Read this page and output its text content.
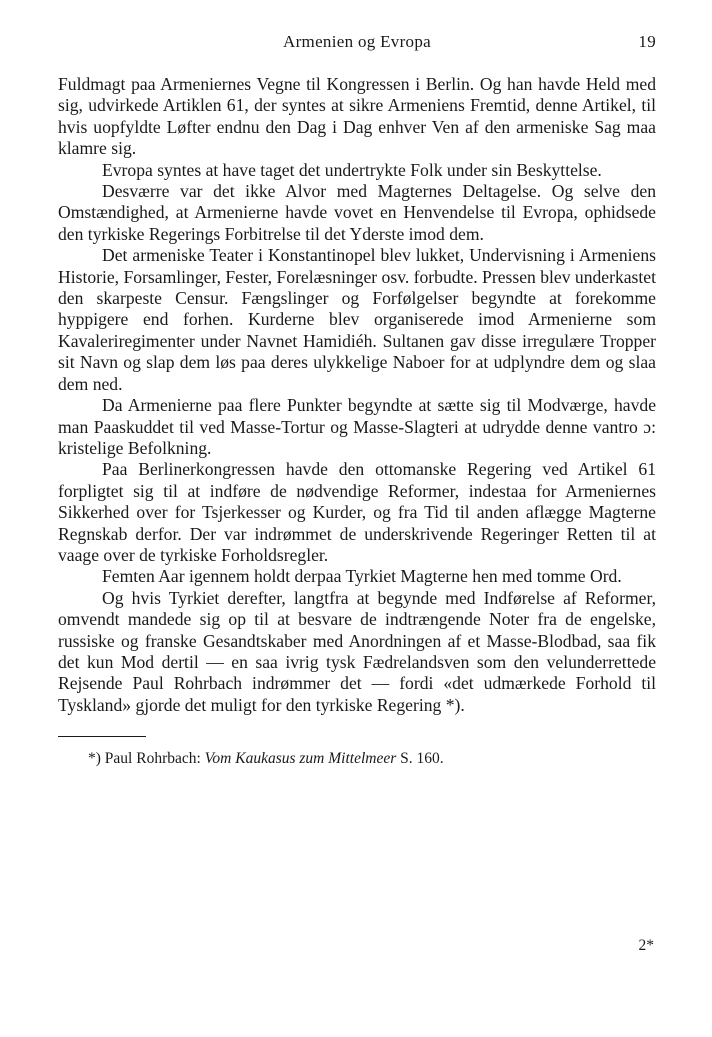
Armenien og Evropa	19

Fuldmagt paa Armeniernes Vegne til Kongressen i Berlin. Og han havde Held med sig, udvirkede Artiklen 61, der syntes at sikre Armeniens Fremtid, denne Artikel, til hvis uopfyldte Løfter endnu den Dag i Dag enhver Ven af den armeniske Sag maa klamre sig.

Evropa syntes at have taget det undertrykte Folk under sin Beskyttelse.

Desværre var det ikke Alvor med Magternes Deltagelse. Og selve den Omstændighed, at Armenierne havde vovet en Henvendelse til Evropa, ophidsede den tyrkiske Regerings Forbitrelse til det Yderste imod dem.

Det armeniske Teater i Konstantinopel blev lukket, Undervisning i Armeniens Historie, Forsamlinger, Fester, Forelæsninger osv. forbudte. Pressen blev underkastet den skarpeste Censur. Fængslinger og Forfølgelser begyndte at forekomme hyppigere end forhen. Kurderne blev organiserede imod Armenierne som Kavaleriregimenter under Navnet Hamidiéh. Sultanen gav disse irregulære Tropper sit Navn og slap dem løs paa deres ulykkelige Naboer for at udplyndre dem og slaa dem ned.

Da Armenierne paa flere Punkter begyndte at sætte sig til Modværge, havde man Paaskuddet til ved Masse-Tortur og Masse-Slagteri at udrydde denne vantro ɔ: kristelige Befolkning.

Paa Berlinerkongressen havde den ottomanske Regering ved Artikel 61 forpligtet sig til at indføre de nødvendige Reformer, indestaa for Armeniernes Sikkerhed over for Tsjerkesser og Kurder, og fra Tid til anden aflægge Magterne Regnskab derfor. Der var indrømmet de underskrivende Regeringer Retten til at vaage over de tyrkiske Forholdsregler.

Femten Aar igennem holdt derpaa Tyrkiet Magterne hen med tomme Ord.

Og hvis Tyrkiet derefter, langtfra at begynde med Indførelse af Reformer, omvendt mandede sig op til at besvare de indtrængende Noter fra de engelske, russiske og franske Gesandtskaber med Anordningen af et Masse-Blodbad, saa fik det kun Mod dertil — en saa ivrig tysk Fædrelandsven som den velunderrettede Rejsende Paul Rohrbach indrømmer det — fordi «det udmærkede Forhold til Tyskland» gjorde det muligt for den tyrkiske Regering *).

*) Paul Rohrbach: Vom Kaukasus zum Mittelmeer S. 160.
2*
